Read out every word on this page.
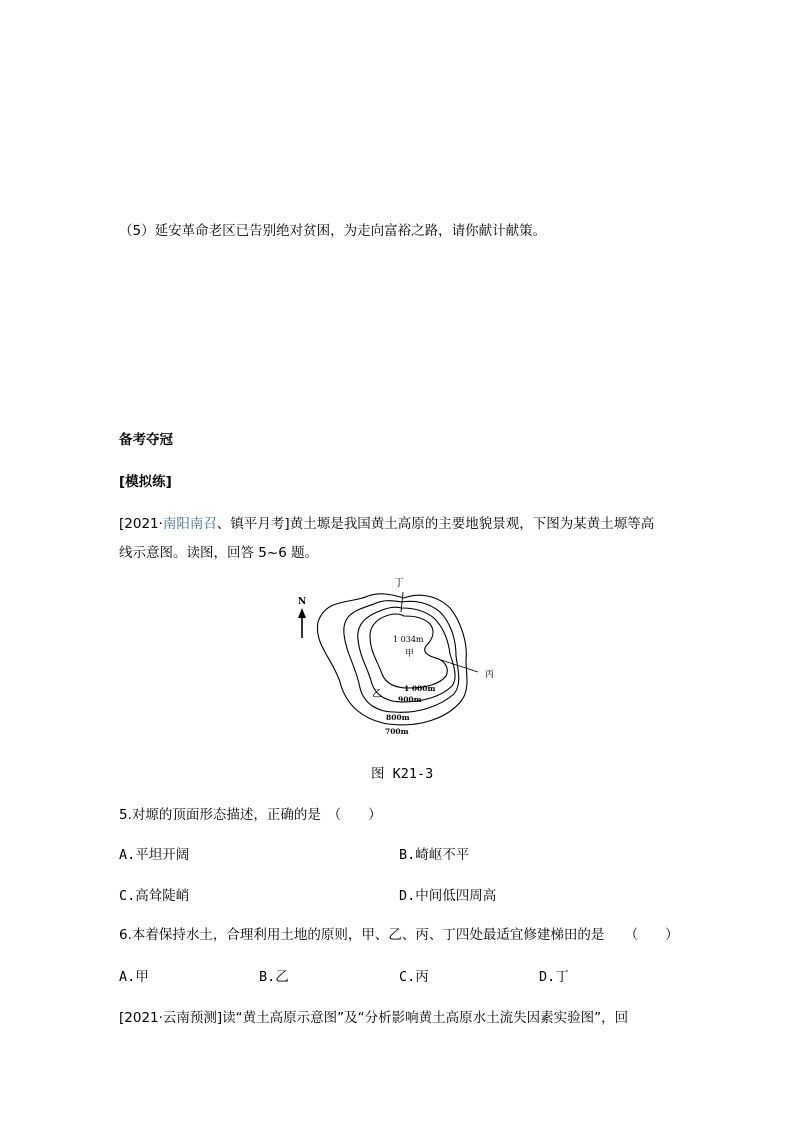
（5）延安革命老区已告别绝对贫困，为走向富裕之路，请你献计献策。
备考夺冠
[模拟练]
[2021·南阳南召、镇平月考]黄土塬是我国黄土高原的主要地貌景观，下图为某黄土塬等高
线示意图。读图，回答 5~6 题。
N
丁
1 034m
甲
丙
乙
1 000m
900m
800m
700m
图 K21-3
5.对塬的顶面形态描述，正确的是　（　　）
A.平坦开阔	B.崎岖不平
C.高耸陡峭	D.中间低四周高
6.本着保持水土，合理利用土地的原则，甲、乙、丙、丁四处最适宜修建梯田的是　　（　　）
A.甲	B.乙	C.丙	D.丁
[2021·云南预测]读“黄土高原示意图”及“分析影响黄土高原水土流失因素实验图”，回
